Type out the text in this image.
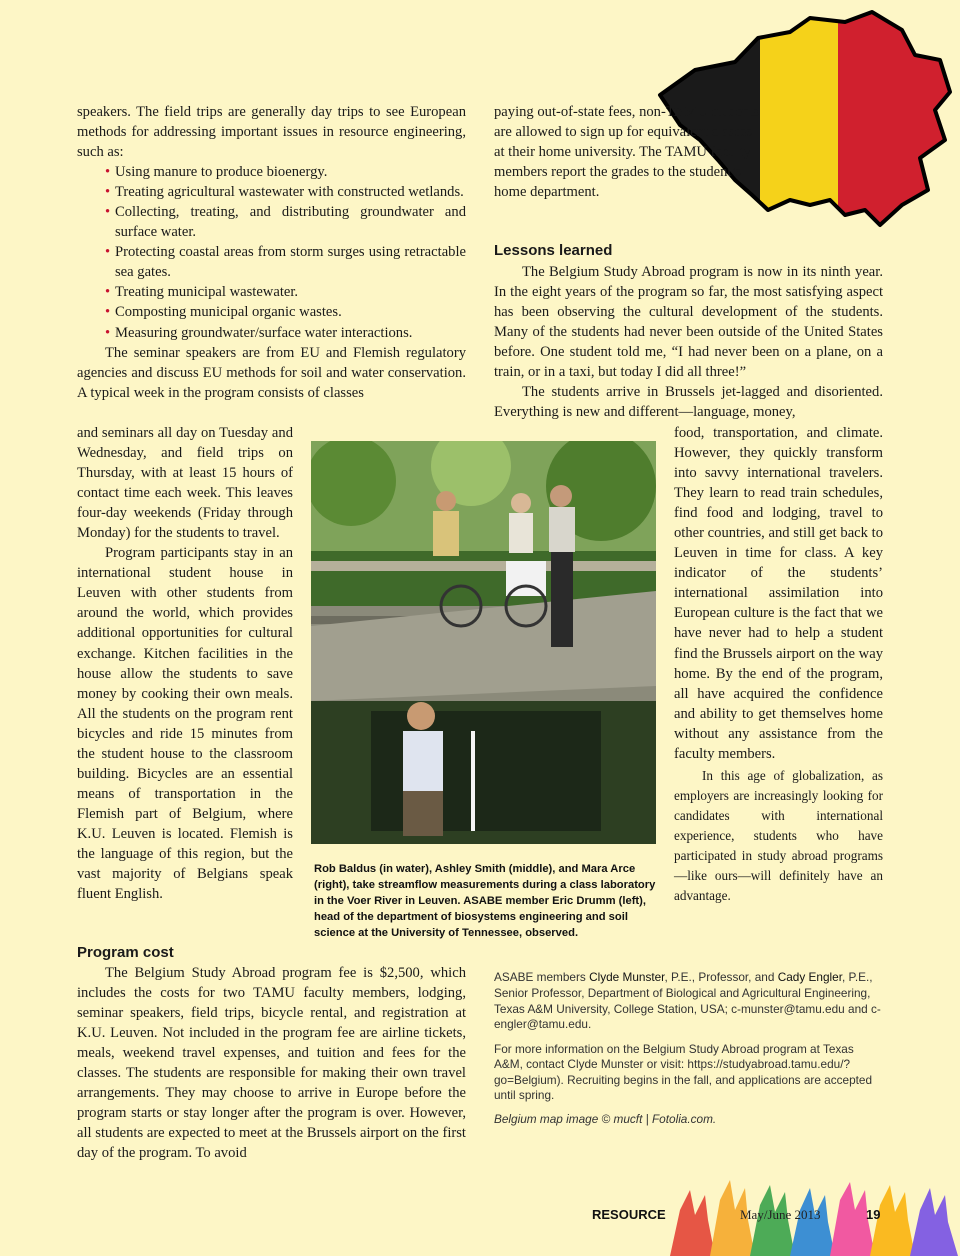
speakers. The field trips are generally day trips to see European methods for addressing important issues in resource engineering, such as:

• Using manure to produce bioenergy.
• Treating agricultural wastewater with constructed wetlands.
• Collecting, treating, and distributing groundwater and surface water.
• Protecting coastal areas from storm surges using retractable sea gates.
• Treating municipal wastewater.
• Composting municipal organic wastes.
• Measuring groundwater/surface water interactions.

The seminar speakers are from EU and Flemish regulatory agencies and discuss EU methods for soil and water conservation. A typical week in the program consists of classes

and seminars all day on Tuesday and Wednesday, and field trips on Thursday, with at least 15 hours of contact time each week. This leaves four-day weekends (Friday through Monday) for the students to travel.

Program participants stay in an international student house in Leuven with other students from around the world, which provides additional opportunities for cultural exchange. Kitchen facilities in the house allow the students to save money by cooking their own meals. All the students on the program rent bicycles and ride 15 minutes from the student house to the classroom building. Bicycles are an essential means of transportation in the Flemish part of Belgium, where K.U. Leuven is located. Flemish is the language of this region, but the vast majority of Belgians speak fluent English.

Program cost
The Belgium Study Abroad program fee is $2,500, which includes the costs for two TAMU faculty members, lodging, seminar speakers, field trips, bicycle rental, and registration at K.U. Leuven. Not included in the program fee are airline tickets, meals, weekend travel expenses, and tuition and fees for the classes. The students are responsible for making their own travel arrangements. They may choose to arrive in Europe before the program starts or stay longer after the program is over. However, all students are expected to meet at the Brussels airport on the first day of the program. To avoid
Rob Baldus (in water), Ashley Smith (middle), and Mara Arce (right), take streamflow measurements during a class laboratory in the Voer River in Leuven. ASABE member Eric Drumm (left), head of the department of biosystems engineering and soil science at the University of Tennessee, observed.
paying out-of-state fees, non-TAMU students are allowed to sign up for equivalent classes at their home university. The TAMU faculty members report the grades to the student’s home department.
Lessons learned

The Belgium Study Abroad program is now in its ninth year. In the eight years of the program so far, the most satisfying aspect has been observing the cultural development of the students. Many of the students had never been outside of the United States before. One student told me, “I had never been on a plane, on a train, or in a taxi, but today I did all three!”

The students arrive in Brussels jet-lagged and disoriented. Everything is new and different—language, money,

food, transportation, and climate. However, they quickly transform into savvy international travelers. They learn to read train schedules, find food and lodging, travel to other countries, and still get back to Leuven in time for class. A key indicator of the students’ international assimilation into European culture is the fact that we have never had to help a student find the Brussels airport on the way home. By the end of the program, all have acquired the confidence and ability to get themselves home without any assistance from the faculty members.

In this age of globalization, as employers are increasingly looking for candidates with international experience, students who have participated in study abroad programs—like ours—will definitely have an advantage.

ASABE members Clyde Munster, P.E., Professor, and Cady Engler, P.E., Senior Professor, Department of Biological and Agricultural Engineering, Texas A&M University, College Station, USA; c-munster@tamu.edu and c-engler@tamu.edu.
For more information on the Belgium Study Abroad program at Texas A&M, contact Clyde Munster or visit: https://studyabroad.tamu.edu/?go=Belgium). Recruiting begins in the fall, and applications are accepted until spring.
Belgium map image © mucft | Fotolia.com.
RESOURCE	May/June 2013	19
